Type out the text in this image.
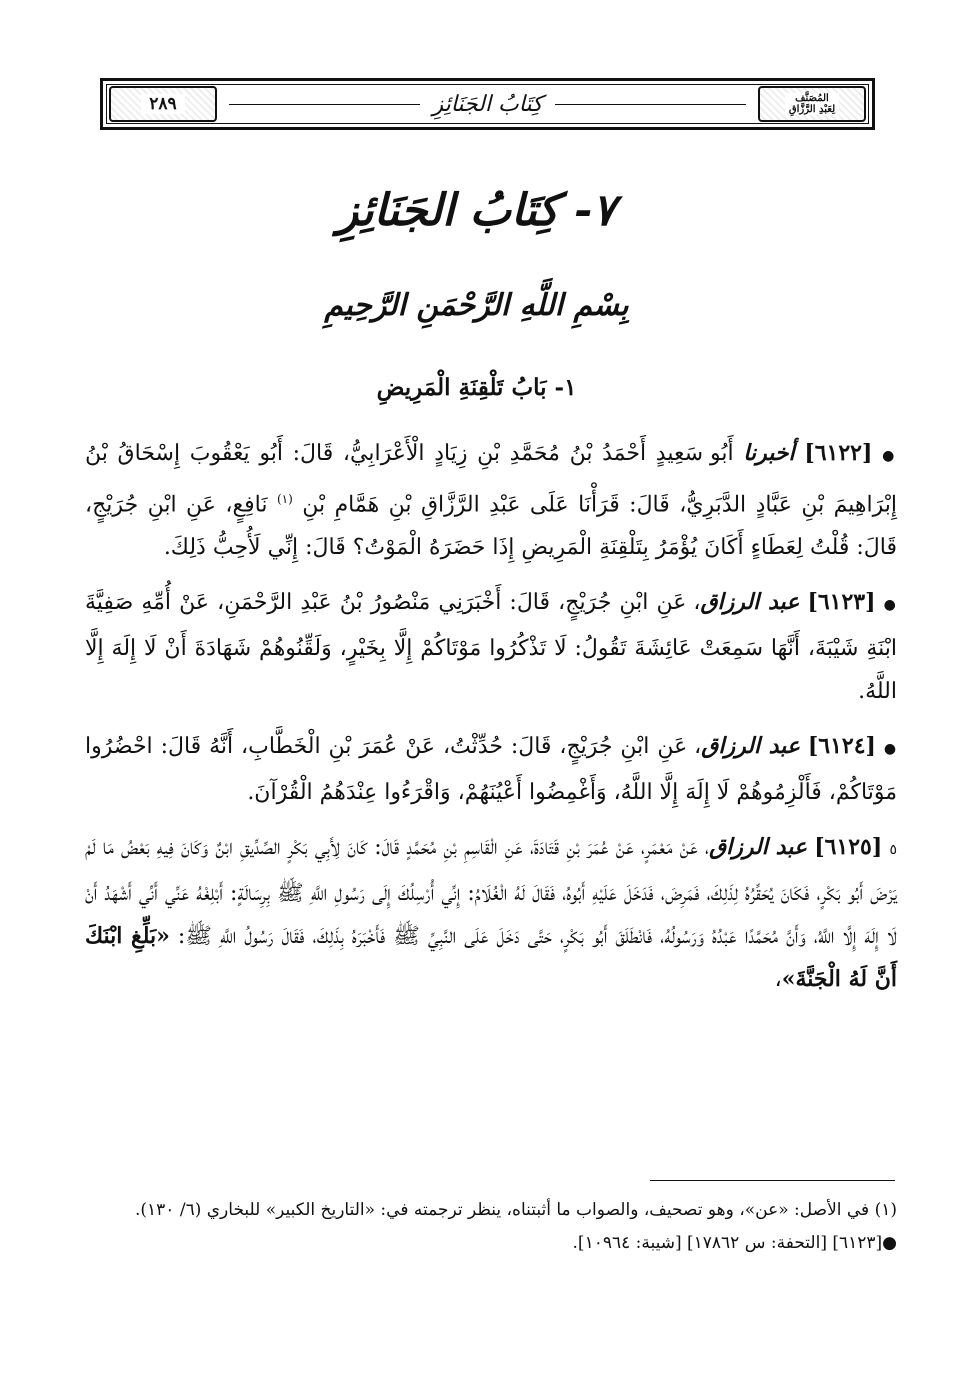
٢٨٩	كِتَابُ الجَنَائِزِ	المُصَنَّف
لِعَبْدِ الرَّزَّاقِ
٧- كِتَابُ الجَنَائِزِ
بِسْمِ اللَّهِ الرَّحْمَنِ الرَّحِيمِ
١- بَابُ تَلْقِنَةِ الْمَرِيضِ

● [٦١٢٢] أخبرنا أَبُو سَعِيدٍ أَحْمَدُ بْنُ مُحَمَّدِ بْنِ زِيَادٍ الْأَعْرَابِيُّ، قَالَ: أَبُو يَعْقُوبَ إِسْحَاقُ بْنُ إِبْرَاهِيمَ بْنِ عَبَّادٍ الدَّبَرِيُّ، قَالَ: قَرَأْنَا عَلَى عَبْدِ الرَّزَّاقِ بْنِ هَمَّامِ بْنِ $^{(١)}$ نَافِعٍ، عَنِ ابْنِ جُرَيْجٍ، قَالَ: قُلْتُ لِعَطَاءٍ أَكَانَ يُؤْمَرُ بِتَلْقِنَةِ الْمَرِيضِ إِذَا حَضَرَهُ الْمَوْتُ؟ قَالَ: إِنِّي لَأُحِبُّ ذَلِكَ.

● [٦١٢٣] عبد الرزاق، عَنِ ابْنِ جُرَيْجٍ، قَالَ: أَخْبَرَنِي مَنْصُورُ بْنُ عَبْدِ الرَّحْمَنِ، عَنْ أُمِّهِ صَفِيَّةَ ابْنَةِ شَيْبَةَ، أَنَّهَا سَمِعَتْ عَائِشَةَ تَقُولُ: لَا تَذْكُرُوا مَوْتَاكُمْ إِلَّا بِخَيْرٍ، وَلَقِّنُوهُمْ شَهَادَةَ أَنْ لَا إِلَهَ إِلَّا اللَّهُ.

● [٦١٢٤] عبد الرزاق، عَنِ ابْنِ جُرَيْجٍ، قَالَ: حُدِّثْتُ، عَنْ عُمَرَ بْنِ الْخَطَّابِ، أَنَّهُ قَالَ: احْضُرُوا مَوْتَاكُمْ، فَأَلْزِمُوهُمْ لَا إِلَهَ إِلَّا اللَّهُ، وَأَغْمِضُوا أَعْيُنَهُمْ، وَاقْرَءُوا عِنْدَهُمُ الْقُرْآنَ.

٥ [٦١٢٥] عبد الرزاق، عَنْ مَعْمَرٍ، عَنْ عُمَرَ بْنِ قَتَادَةَ، عَنِ الْقَاسِمِ بْنِ مُحَمَّدٍ قَالَ: كَانَ لِأَبِي بَكْرٍ الصِّدِّيقِ ابْنٌ وَكَانَ فِيهِ بَعْضُ مَا لَمْ يَرْضَ أَبُو بَكْرٍ، فَكَانَ يُحَقِّرُهُ لِذَلِكَ، فَمَرِضَ، فَدَخَلَ عَلَيْهِ أَبُوهُ، فَقَالَ لَهُ الْغُلَامُ: إِنِّي أُرْسِلُكَ إِلَى رَسُولِ اللَّهِ ﷺ بِرِسَالَةٍ: أَبْلِغْهُ عَنِّي أَنِّي أَشْهَدُ أَنْ لَا إِلَهَ إِلَّا اللَّهُ، وَأَنَّ مُحَمَّدًا عَبْدُهُ وَرَسُولُهُ، فَانْطَلَقَ أَبُو بَكْرٍ، حَتَّى دَخَلَ عَلَى النَّبِيِّ ﷺ فَأَخْبَرَهُ بِذَلِكَ، فَقَالَ رَسُولُ اللَّهِ ﷺ: «بَلِّغِ ابْنَكَ أَنَّ لَهُ الْجَنَّةَ»،

(١) في الأصل: «عن»، وهو تصحيف، والصواب ما أثبتناه، ينظر ترجمته في: «التاريخ الكبير» للبخاري (٦/ ١٣٠).

●[٦١٢٣] [التحفة: س ١٧٨٦٢] [شيبة: ١٠٩٦٤].
